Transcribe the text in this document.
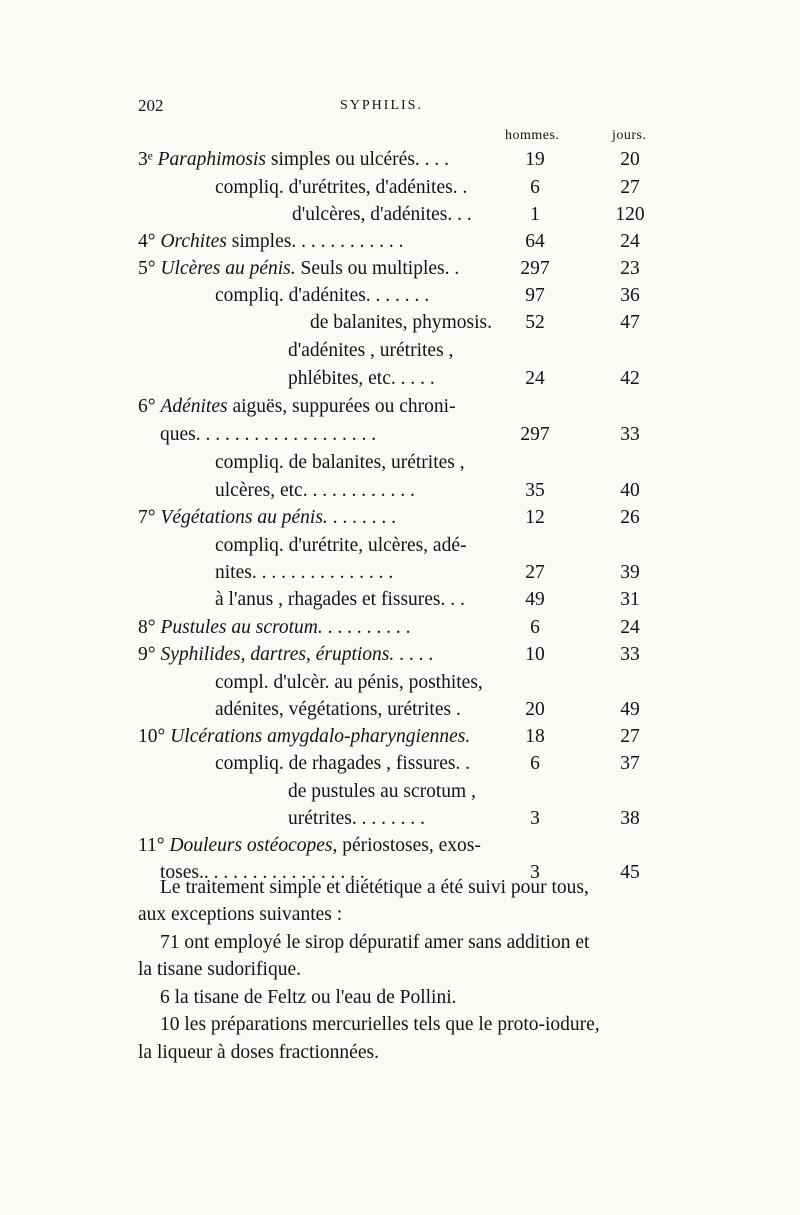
202	SYPHILIS.
hommes.	jours.
3ᵉ Paraphimosis simples ou ulcérés. . . .	19	20
compliq. d'urétrites, d'adénites. .	6	27
d'ulcères, d'adénites. . .	1	120
4° Orchites simples. . . . . . . . . . . .	64	24
5° Ulcères au pénis. Seuls ou multiples. .	297	23
compliq. d'adénites. . . . . . .	97	36
de balanites, phymosis.	52	47
d'adénites , urétrites ,
phlébites, etc. . . . .	24	42
6° Adénites aiguës, suppurées ou chroni-
ques. . . . . . . . . . . . . . . . . . .	297	33
compliq. de balanites, urétrites ,
ulcères, etc. . . . . . . . . . . .	35	40
7° Végétations au pénis. . . . . . . .	12	26
compliq. d'urétrite, ulcères, adé-
nites. . . . . . . . . . . . . . .	27	39
à l'anus , rhagades et fissures. . .	49	31
8° Pustules au scrotum. . . . . . . . . .	6	24
9° Syphilides, dartres, éruptions. . . . .	10	33
compl. d'ulcèr. au pénis, posthites,
adénites, végétations, urétrites .	20	49
10° Ulcérations amygdalo-pharyngiennes.	18	27
compliq. de rhagades , fissures. .	6	37
de pustules au scrotum ,
urétrites. . . . . . . .	3	38
11° Douleurs ostéocopes, périostoses, exos-
toses.. . . . . . . . . . . . . . . . .	3	45
Le traitement simple et diététique a été suivi pour tous,
aux exceptions suivantes :
71 ont employé le sirop dépuratif amer sans addition et
la tisane sudorifique.
6 la tisane de Feltz ou l'eau de Pollini.
10 les préparations mercurielles tels que le proto-iodure,
la liqueur à doses fractionnées.
